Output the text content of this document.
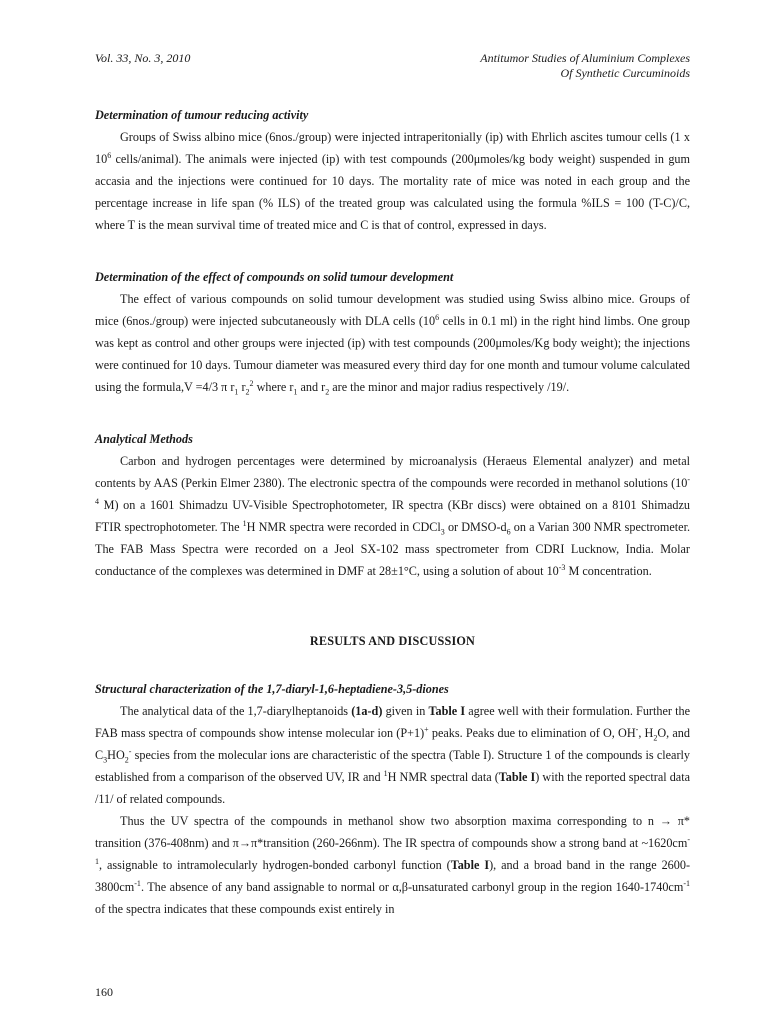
Vol. 33, No. 3, 2010	Antitumor Studies of Aluminium Complexes
Of Synthetic Curcuminoids

Determination of tumour reducing activity

Groups of Swiss albino mice (6nos./group) were injected intraperitonially (ip) with Ehrlich ascites tumour cells (1 x $10^6$ cells/animal). The animals were injected (ip) with test compounds (200μmoles/kg body weight) suspended in gum accasia and the injections were continued for 10 days. The mortality rate of mice was noted in each group and the percentage increase in life span (% ILS) of the treated group was calculated using the formula %ILS = 100 (T-C)/C, where T is the mean survival time of treated mice and C is that of control, expressed in days.

Determination of the effect of compounds on solid tumour development

The effect of various compounds on solid tumour development was studied using Swiss albino mice. Groups of mice (6nos./group) were injected subcutaneously with DLA cells ($10^6$ cells in 0.1 ml) in the right hind limbs. One group was kept as control and other groups were injected (ip) with test compounds (200μmoles/Kg body weight); the injections were continued for 10 days. Tumour diameter was measured every third day for one month and tumour volume calculated using the formula,V =4/3 π $r_1$ $r_2^2$ where $r_1$ and $r_2$ are the minor and major radius respectively /19/.

Analytical Methods

Carbon and hydrogen percentages were determined by microanalysis (Heraeus Elemental analyzer) and metal contents by AAS (Perkin Elmer 2380). The electronic spectra of the compounds were recorded in methanol solutions ($10^{-4}$ M) on a 1601 Shimadzu UV-Visible Spectrophotometer, IR spectra (KBr discs) were obtained on a 8101 Shimadzu FTIR spectrophotometer. The $^1$H NMR spectra were recorded in CDCl$_3$ or DMSO-$d_6$ on a Varian 300 NMR spectrometer. The FAB Mass Spectra were recorded on a Jeol SX-102 mass spectrometer from CDRI Lucknow, India. Molar conductance of the complexes was determined in DMF at 28±1°C, using a solution of about $10^{-3}$ M concentration.

RESULTS AND DISCUSSION

Structural characterization of the 1,7-diaryl-1,6-heptadiene-3,5-diones

The analytical data of the 1,7-diarylheptanoids (1a-d) given in Table I agree well with their formulation. Further the FAB mass spectra of compounds show intense molecular ion (P+1)+ peaks. Peaks due to elimination of O, OH-, $H_2O$, and $C_3HO_2^-$ species from the molecular ions are characteristic of the spectra (Table I). Structure 1 of the compounds is clearly established from a comparison of the observed UV, IR and $^1$H NMR spectral data (Table I) with the reported spectral data /11/ of related compounds.

Thus the UV spectra of the compounds in methanol show two absorption maxima corresponding to n → π* transition (376-408nm) and π→π*transition (260-266nm). The IR spectra of compounds show a strong band at $\sim 1620cm^{-1}$, assignable to intramolecularly hydrogen-bonded carbonyl function (Table I), and a broad band in the range $2600-3800cm^{-1}$. The absence of any band assignable to normal or α,β-unsaturated carbonyl group in the region $1640-1740cm^{-1}$ of the spectra indicates that these compounds exist entirely in

160
